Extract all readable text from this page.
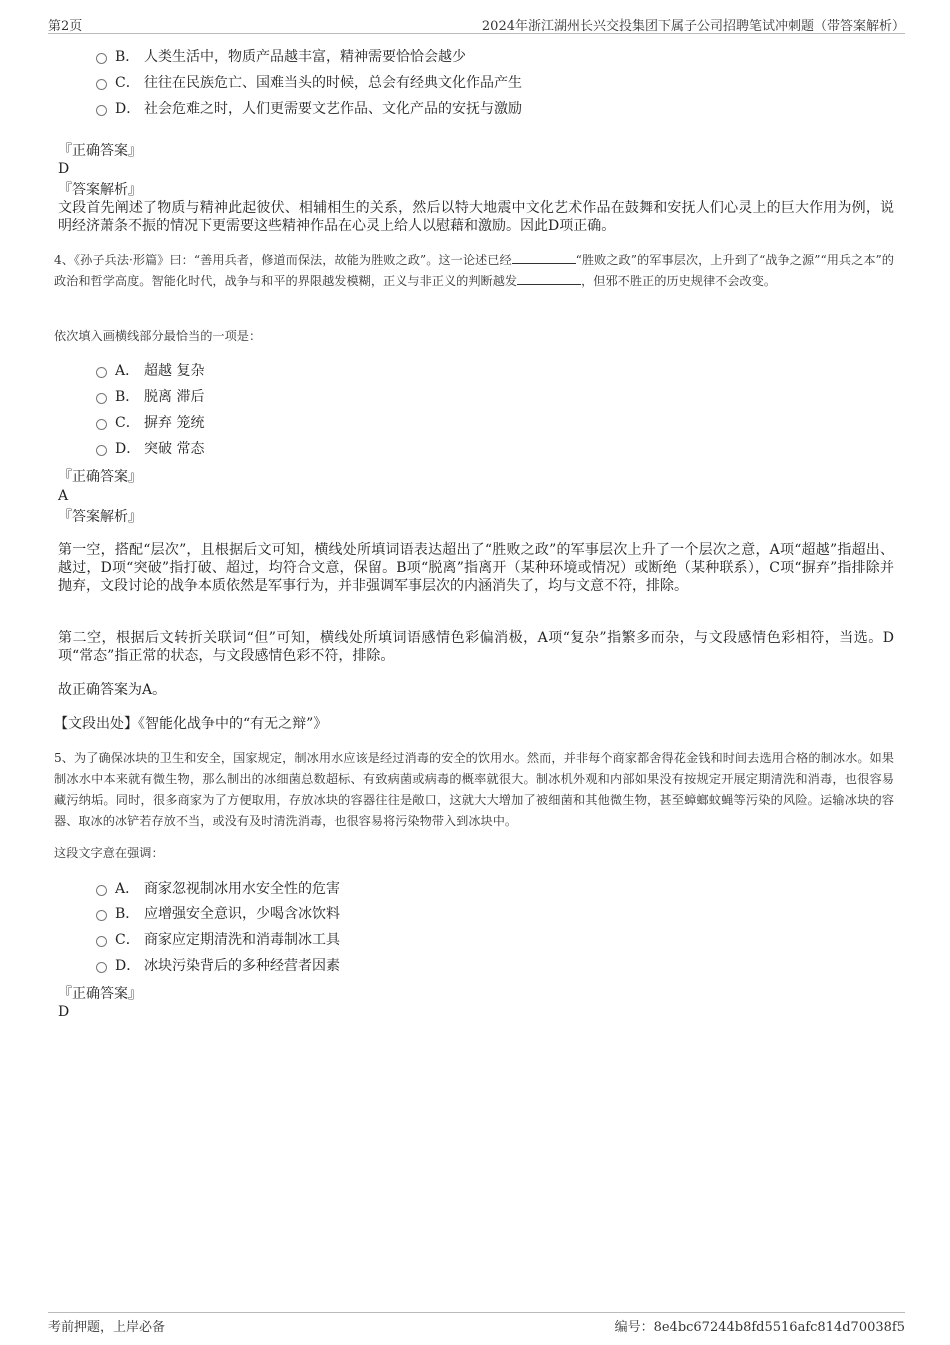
第2页	2024年浙江湖州长兴交投集团下属子公司招聘笔试冲刺题（带答案解析）
B． 人类生活中，物质产品越丰富，精神需要恰恰会越少
C． 往往在民族危亡、国难当头的时候，总会有经典文化作品产生
D． 社会危难之时，人们更需要文艺作品、文化产品的安抚与激励
『正确答案』
D
『答案解析』
文段首先阐述了物质与精神此起彼伏、相辅相生的关系，然后以特大地震中文化艺术作品在鼓舞和安抚人们心灵上的巨大作用为例，说明经济萧条不振的情况下更需要这些精神作品在心灵上给人以慰藉和激励。因此D项正确。
4、《孙子兵法·形篇》曰：“善用兵者，修道而保法，故能为胜败之政”。这一论述已经	“胜败之政”的军事层次，上升到了“战争之源”“用兵之本”的政治和哲学高度。智能化时代，战争与和平的界限越发模糊，正义与非正义的判断越发	，但邪不胜正的历史规律不会改变。
依次填入画横线部分最恰当的一项是：
A． 超越 复杂
B． 脱离 滞后
C． 摒弃 笼统
D． 突破 常态
『正确答案』
A
『答案解析』
第一空，搭配“层次”，且根据后文可知，横线处所填词语表达超出了“胜败之政”的军事层次上升了一个层次之意，A项“超越”指超出、越过，D项“突破”指打破、超过，均符合文意，保留。B项“脱离”指离开（某种环境或情况）或断绝（某种联系），C项“摒弃”指排除并抛弃，文段讨论的战争本质依然是军事行为，并非强调军事层次的内涵消失了，均与文意不符，排除。
第二空，根据后文转折关联词“但”可知，横线处所填词语感情色彩偏消极，A项“复杂”指繁多而杂，与文段感情色彩相符，当选。D项“常态”指正常的状态，与文段感情色彩不符，排除。
故正确答案为A。
【文段出处】《智能化战争中的“有无之辩”》
5、为了确保冰块的卫生和安全，国家规定，制冰用水应该是经过消毒的安全的饮用水。然而，并非每个商家都舍得花金钱和时间去选用合格的制冰水。如果制冰水中本来就有微生物，那么制出的冰细菌总数超标、有致病菌或病毒的概率就很大。制冰机外观和内部如果没有按规定开展定期清洗和消毒，也很容易藏污纳垢。同时，很多商家为了方便取用，存放冰块的容器往往是敞口，这就大大增加了被细菌和其他微生物，甚至蟑螂蚊蝇等污染的风险。运输冰块的容器、取冰的冰铲若存放不当，或没有及时清洗消毒，也很容易将污染物带入到冰块中。
这段文字意在强调：
A． 商家忽视制冰用水安全性的危害
B． 应增强安全意识，少喝含冰饮料
C． 商家应定期清洗和消毒制冰工具
D． 冰块污染背后的多种经营者因素
『正确答案』
D
考前押题，上岸必备	编号：8e4bc67244b8fd5516afc814d70038f5
